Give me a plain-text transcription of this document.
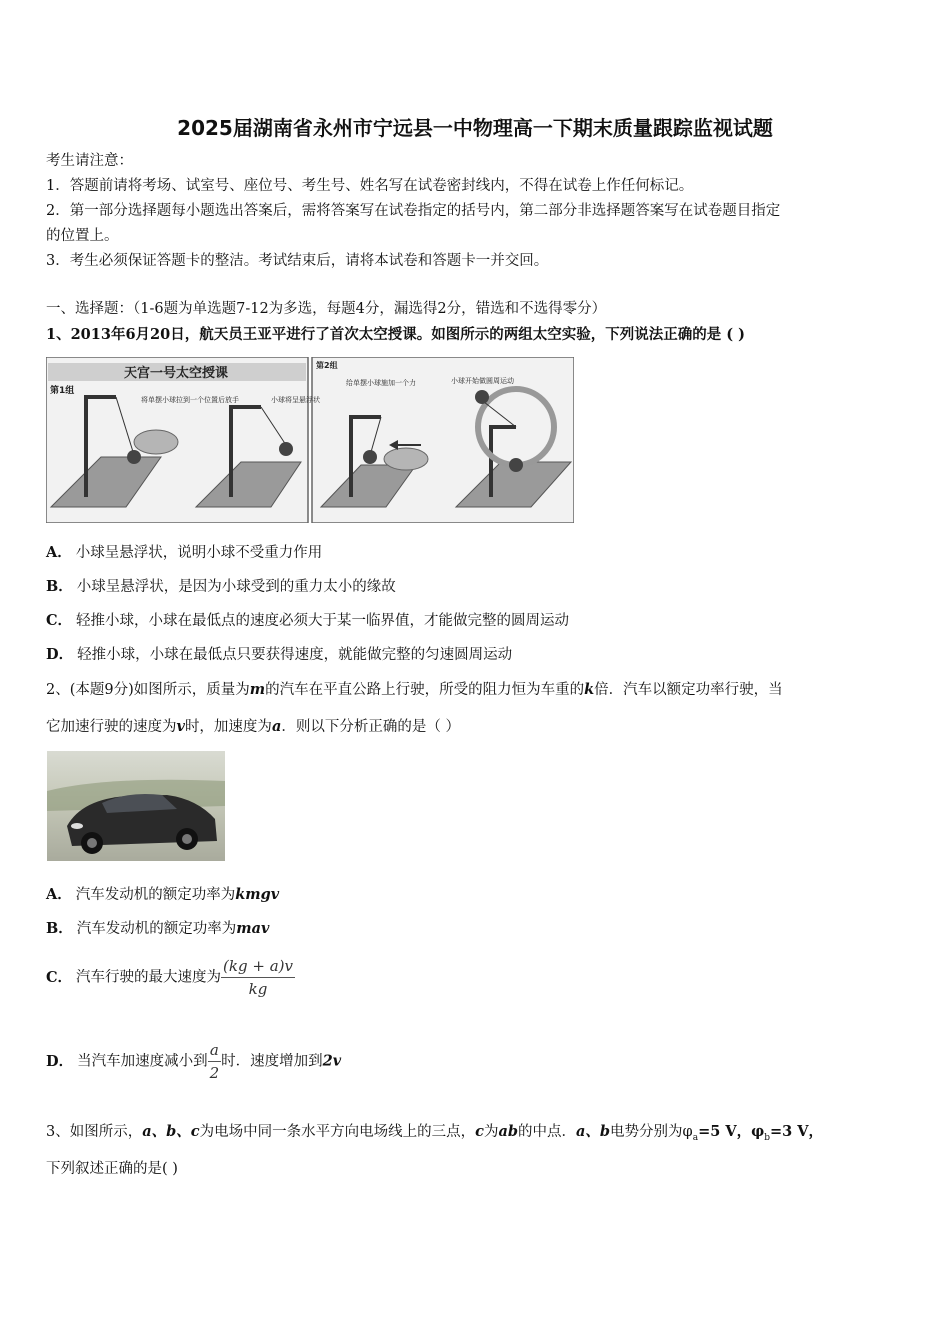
2025届湖南省永州市宁远县一中物理高一下期末质量跟踪监视试题
考生请注意：
1．答题前请将考场、试室号、座位号、考生号、姓名写在试卷密封线内，不得在试卷上作任何标记。
2．第一部分选择题每小题选出答案后，需将答案写在试卷指定的括号内，第二部分非选择题答案写在试卷题目指定
的位置上。
3．考生必须保证答题卡的整洁。考试结束后，请将本试卷和答题卡一并交回。
一、选择题：（1-6题为单选题7-12为多选，每题4分，漏选得2分，错选和不选得零分）
1、2013年6月20日，航天员王亚平进行了首次太空授课。如图所示的两组太空实验，下列说法正确的是 ( )
天宫一号太空授课
第1组
第2组
将单摆小球拉到一个位置后放手	小球将呈悬浮状
给单摆小球施加一个力	小球开始做圆周运动
A． 小球呈悬浮状，说明小球不受重力作用
B． 小球呈悬浮状，是因为小球受到的重力太小的缘故
C． 轻推小球，小球在最低点的速度必须大于某一临界值，才能做完整的圆周运动
D． 轻推小球，小球在最低点只要获得速度，就能做完整的匀速圆周运动
2、(本题9分)如图所示，质量为m的汽车在平直公路上行驶，所受的阻力恒为车重的k倍．汽车以额定功率行驶，当
它加速行驶的速度为v时，加速度为a．则以下分析正确的是（ ）
A． 汽车发动机的额定功率为kmgv
B． 汽车发动机的额定功率为mav
C． 汽车行驶的最大速度为 $\frac{(kg + a)v}{kg}$
D． 当汽车加速度减小到 $\frac{a}{2}$ 时．速度增加到2v
3、如图所示，a、b、c为电场中同一条水平方向电场线上的三点，c为ab的中点．a、b电势分别为$\varphi_a=5$ V，$\varphi_b=3$ V，
下列叙述正确的是( )
